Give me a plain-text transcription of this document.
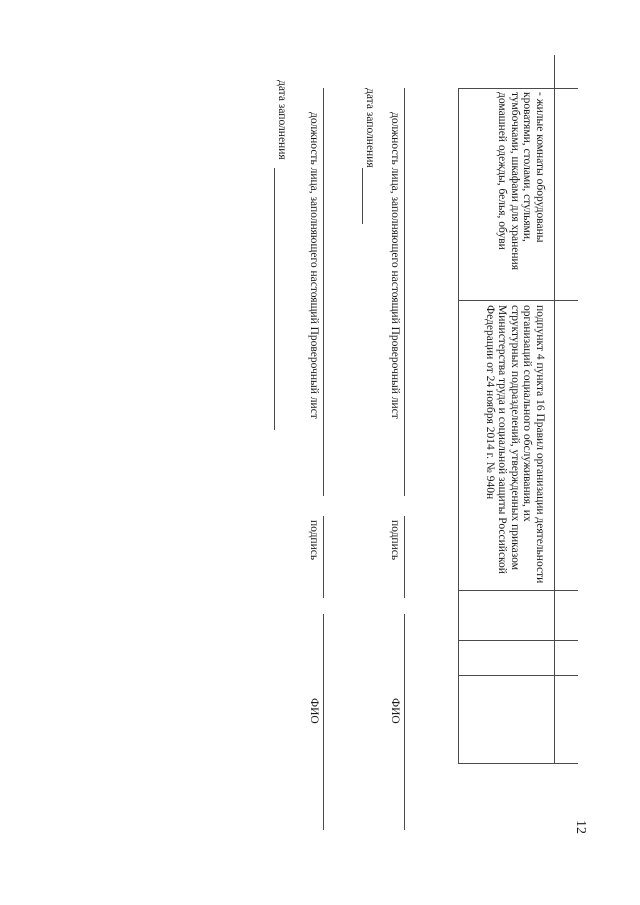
12
- жилые комнаты оборудованы кроватями, столами, стульями, тумбочками, шкафами для хранения домашней одежды, белья, обуви
подпункт 4 пункта 16 Правил организации деятельности организаций социального обслуживания, их структурных подразделений, утвержденных приказом Министерства труда и социальной защиты Российской Федерации от 24 ноября 2014 г. № 940н
должность лица, заполняющего настоящий Проверочный лист
подпись
ФИО
дата заполнения
должность лица, заполняющего настоящий Проверочный лист
подпись
ФИО
дата заполнения
